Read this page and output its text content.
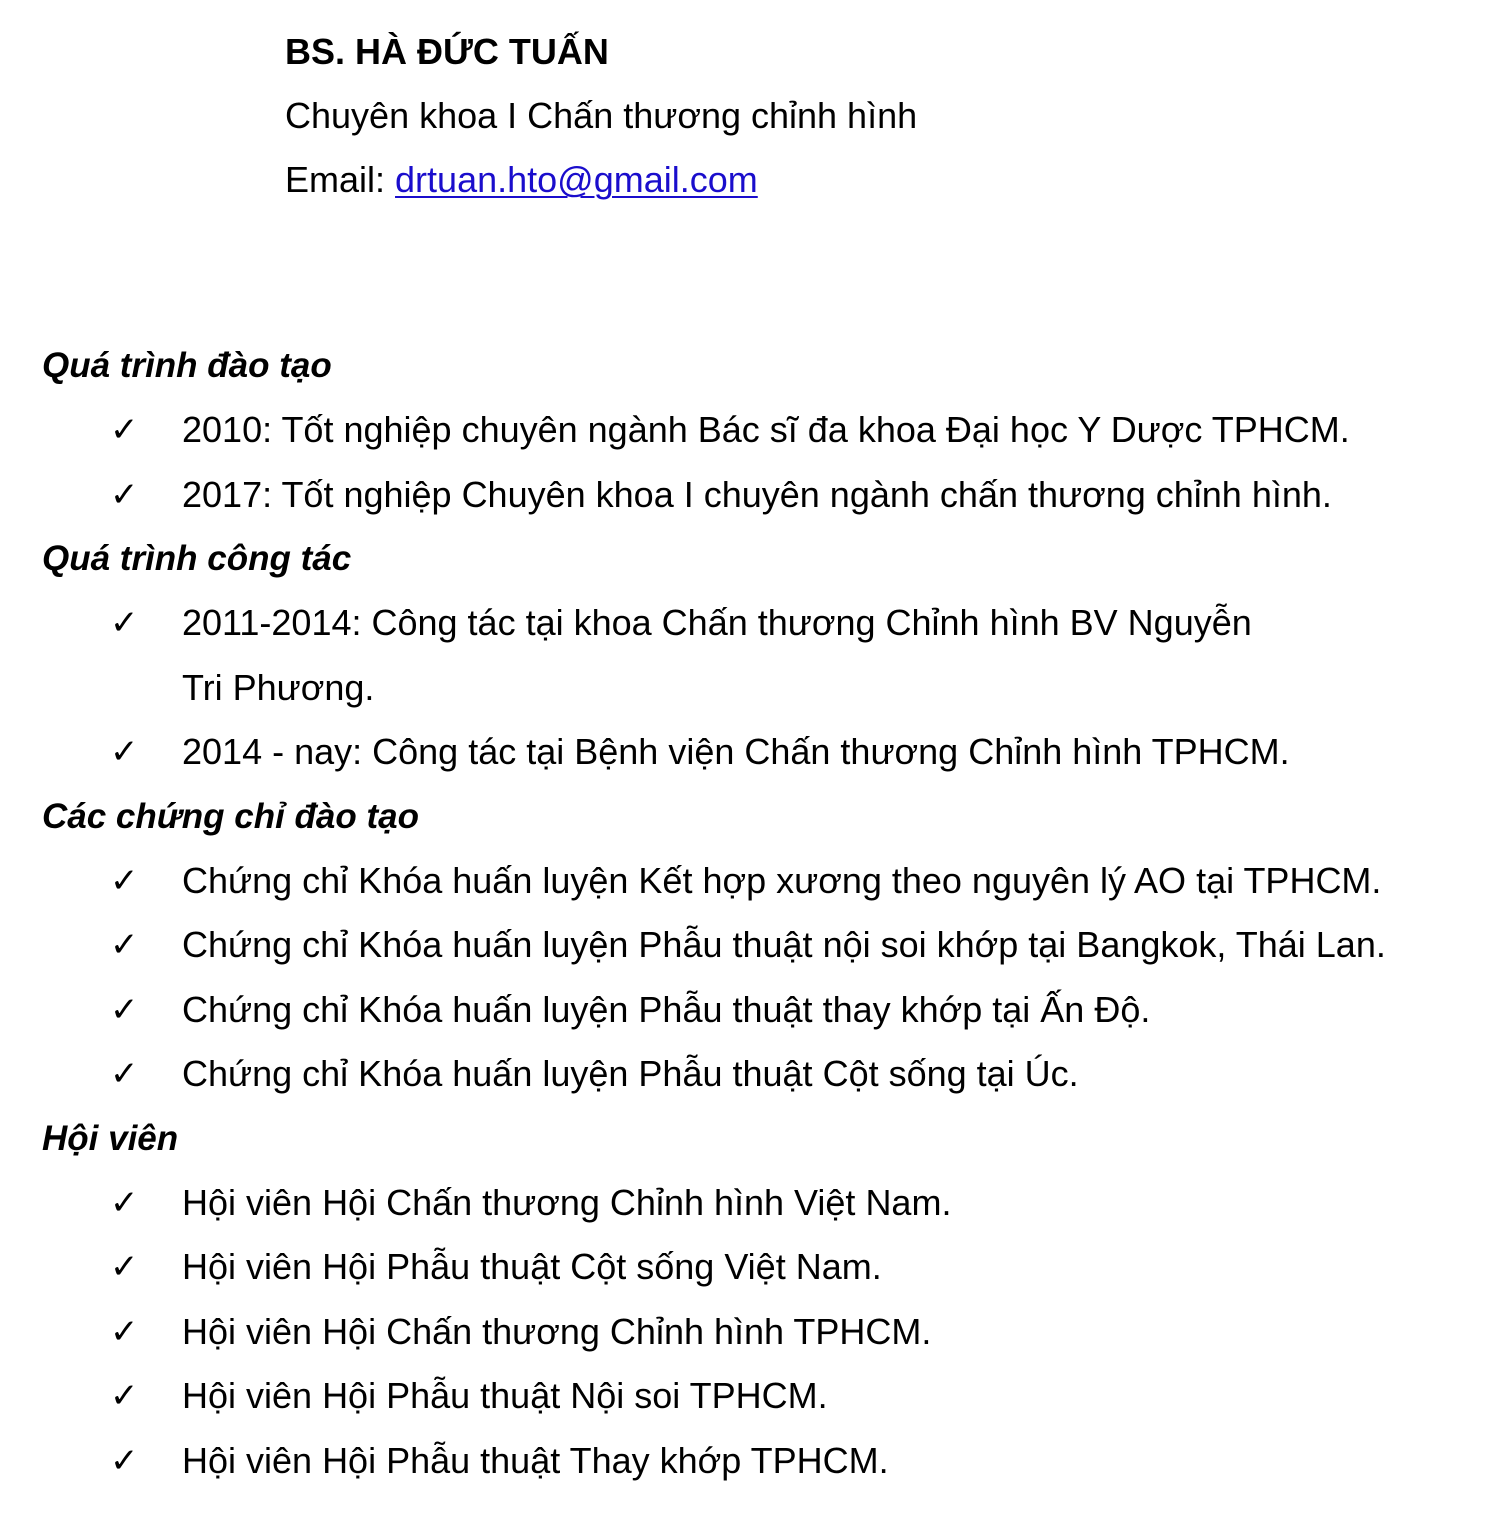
BS. HÀ ĐỨC TUẤN
Chuyên khoa I Chấn thương chỉnh hình
Email: drtuan.hto@gmail.com
Quá trình đào tạo
✓	2010: Tốt nghiệp chuyên ngành Bác sĩ đa khoa Đại học Y Dược TPHCM.
✓	2017: Tốt nghiệp Chuyên khoa I chuyên ngành chấn thương chỉnh hình.
Quá trình công tác
✓	2011-2014: Công tác tại khoa Chấn thương Chỉnh hình BV Nguyễn Tri Phương.
✓	2014 - nay: Công tác tại Bệnh viện Chấn thương Chỉnh hình TPHCM.
Các chứng chỉ đào tạo
✓	Chứng chỉ Khóa huấn luyện Kết hợp xương theo nguyên lý AO tại TPHCM.
✓	Chứng chỉ Khóa huấn luyện Phẫu thuật nội soi khớp tại Bangkok, Thái Lan.
✓	Chứng chỉ Khóa huấn luyện Phẫu thuật thay khớp tại Ấn Độ.
✓	Chứng chỉ Khóa huấn luyện Phẫu thuật Cột sống tại Úc.
Hội viên
✓	Hội viên Hội Chấn thương Chỉnh hình Việt Nam.
✓	Hội viên Hội Phẫu thuật Cột sống Việt Nam.
✓	Hội viên Hội Chấn thương Chỉnh hình TPHCM.
✓	Hội viên Hội Phẫu thuật Nội soi TPHCM.
✓	Hội viên Hội Phẫu thuật Thay khớp TPHCM.
